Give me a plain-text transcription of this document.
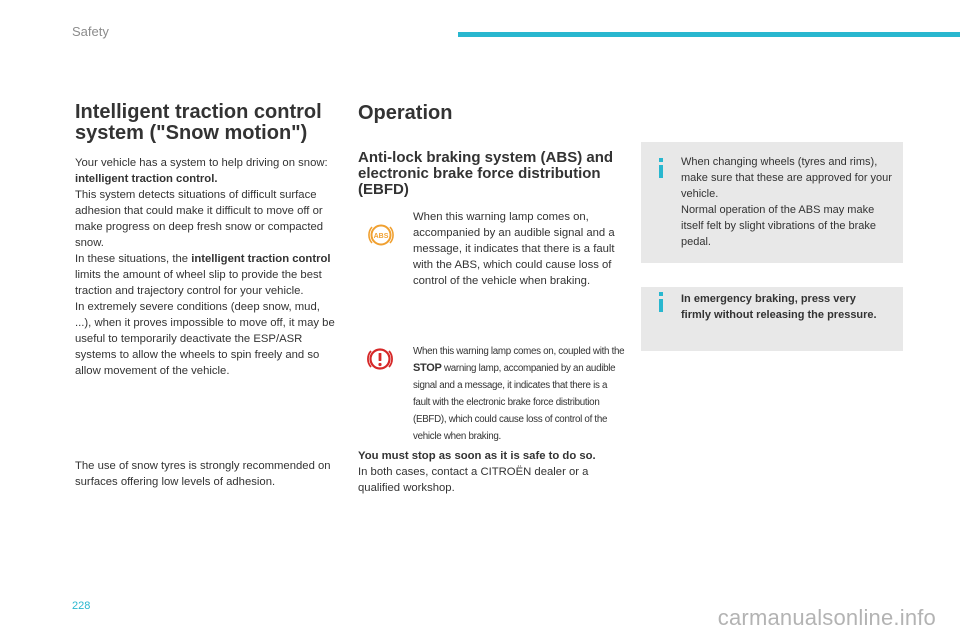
Safety
Intelligent traction control system ("Snow motion")

Your vehicle has a system to help driving on snow: intelligent traction control.
This system detects situations of difficult surface adhesion that could make it difficult to move off or make progress on deep fresh snow or compacted snow.
In these situations, the intelligent traction control limits the amount of wheel slip to provide the best traction and trajectory control for your vehicle.
In extremely severe conditions (deep snow, mud, ...), when it proves impossible to move off, it may be useful to temporarily deactivate the ESP/ASR systems to allow the wheels to spin freely and so allow movement of the vehicle.

The use of snow tyres is strongly recommended on surfaces offering low levels of adhesion.

Operation
Anti-lock braking system (ABS) and electronic brake force distribution (EBFD)
ABS

When this warning lamp comes on, accompanied by an audible signal and a message, it indicates that there is a fault with the ABS, which could cause loss of control of the vehicle when braking.

When this warning lamp comes on, coupled with the STOP warning lamp, accompanied by an audible signal and a message, it indicates that there is a fault with the electronic brake force distribution (EBFD), which could cause loss of control of the vehicle when braking.

You must stop as soon as it is safe to do so.
In both cases, contact a CITROËN dealer or a qualified workshop.

When changing wheels (tyres and rims), make sure that these are approved for your vehicle.
Normal operation of the ABS may make itself felt by slight vibrations of the brake pedal.
In emergency braking, press very firmly without releasing the pressure.
228	carmanualsonline.info
